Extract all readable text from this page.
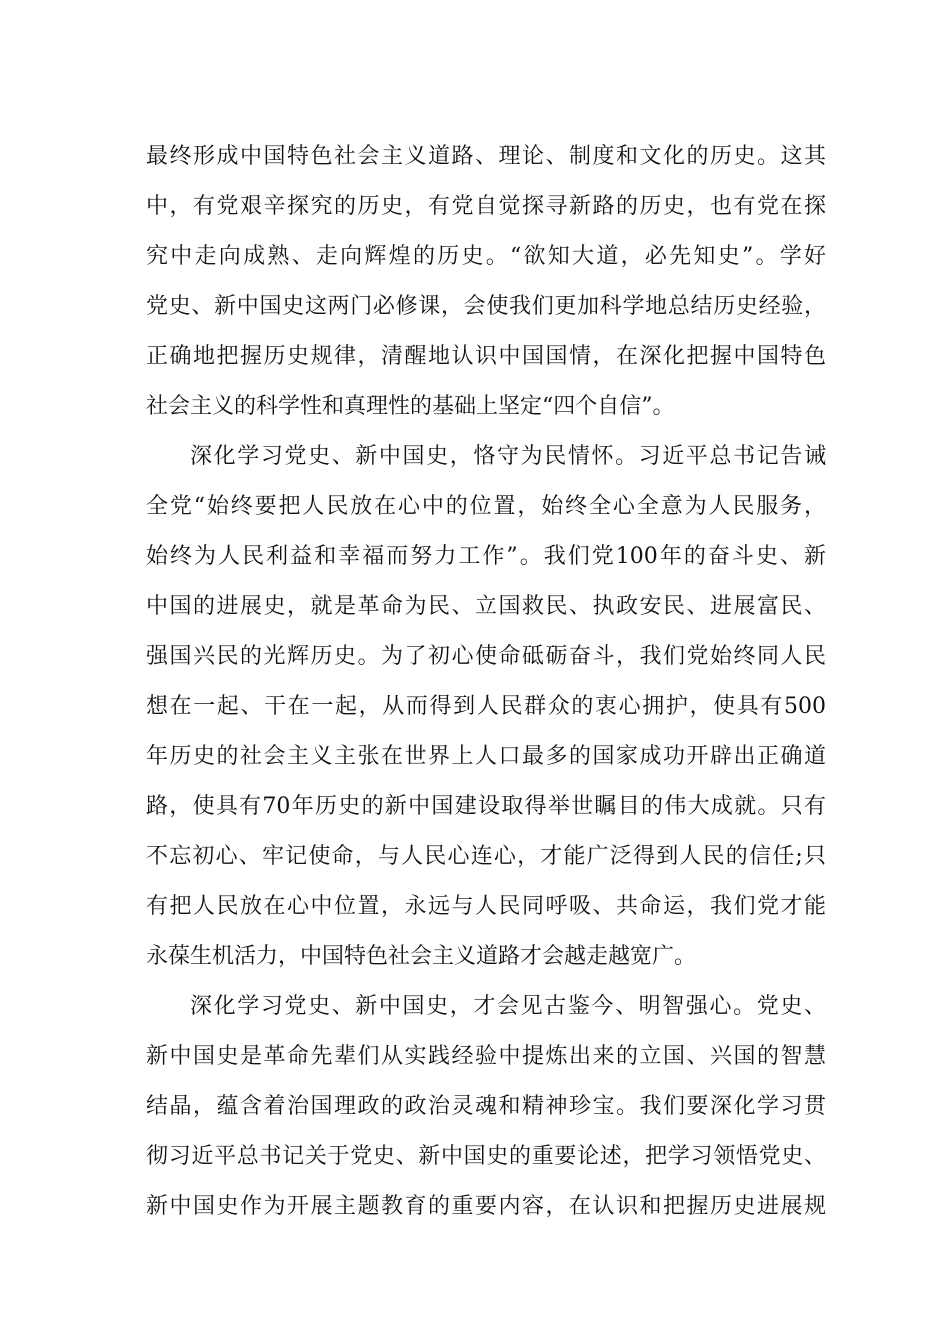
最终形成中国特色社会主义道路、理论、制度和文化的历史。这其
中，有党艰辛探究的历史，有党自觉探寻新路的历史，也有党在探
究中走向成熟、走向辉煌的历史。“欲知大道，必先知史”。学好
党史、新中国史这两门必修课，会使我们更加科学地总结历史经验，
正确地把握历史规律，清醒地认识中国国情，在深化把握中国特色
社会主义的科学性和真理性的基础上坚定“四个自信”。
深化学习党史、新中国史，恪守为民情怀。习近平总书记告诫
全党“始终要把人民放在心中的位置，始终全心全意为人民服务，
始终为人民利益和幸福而努力工作”。我们党100年的奋斗史、新
中国的进展史，就是革命为民、立国救民、执政安民、进展富民、
强国兴民的光辉历史。为了初心使命砥砺奋斗，我们党始终同人民
想在一起、干在一起，从而得到人民群众的衷心拥护，使具有500
年历史的社会主义主张在世界上人口最多的国家成功开辟出正确道
路，使具有70年历史的新中国建设取得举世瞩目的伟大成就。只有
不忘初心、牢记使命，与人民心连心，才能广泛得到人民的信任;只
有把人民放在心中位置，永远与人民同呼吸、共命运，我们党才能
永葆生机活力，中国特色社会主义道路才会越走越宽广。
深化学习党史、新中国史，才会见古鉴今、明智强心。党史、
新中国史是革命先辈们从实践经验中提炼出来的立国、兴国的智慧
结晶，蕴含着治国理政的政治灵魂和精神珍宝。我们要深化学习贯
彻习近平总书记关于党史、新中国史的重要论述，把学习领悟党史、
新中国史作为开展主题教育的重要内容，在认识和把握历史进展规
